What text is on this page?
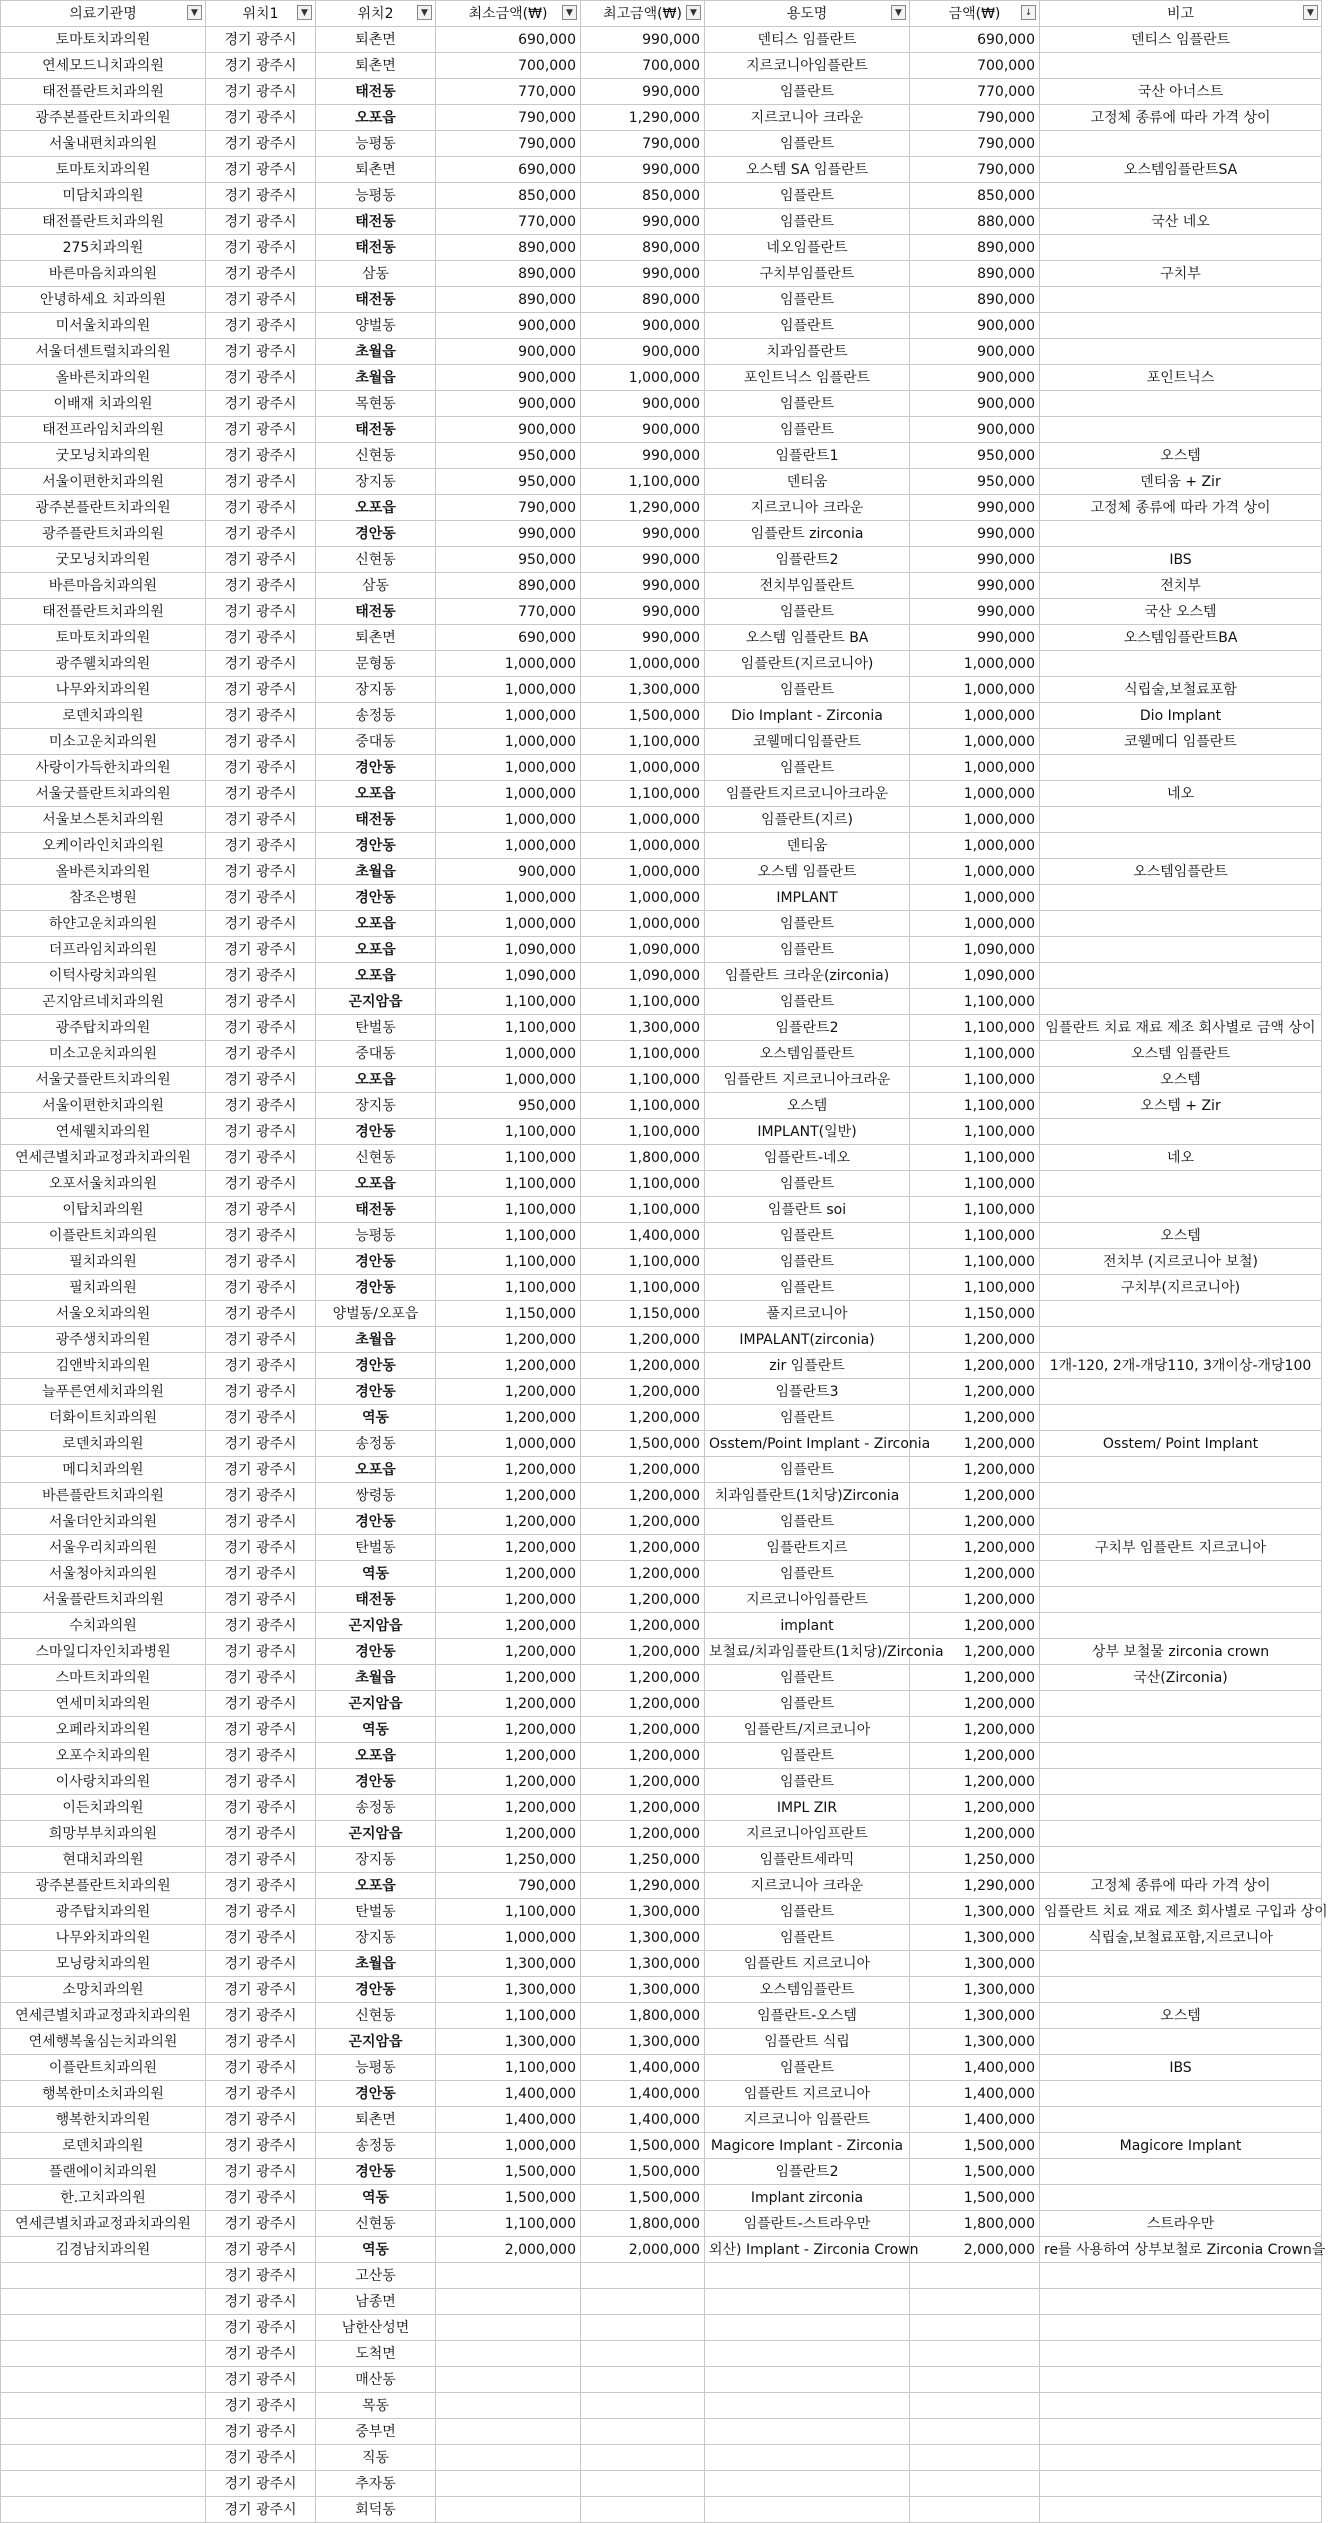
의료기관명 ▼	위치1 ▼	위치2 ▼	최소금액(₩) ▼	최고금액(₩) ▼	용도명 ▼	금액(₩) ↓	비고 ▼

토마토치과의원	경기 광주시	퇴촌면	690,000	990,000	덴티스 임플란트	690,000	덴티스 임플란트
연세모드니치과의원	경기 광주시	퇴촌면	700,000	700,000	지르코니아임플란트	700,000	
태전플란트치과의원	경기 광주시	태전동	770,000	990,000	임플란트	770,000	국산 아너스트
광주본플란트치과의원	경기 광주시	오포읍	790,000	1,290,000	지르코니아 크라운	790,000	고정체 종류에 따라 가격 상이
서울내편치과의원	경기 광주시	능평동	790,000	790,000	임플란트	790,000	
토마토치과의원	경기 광주시	퇴촌면	690,000	990,000	오스템 SA 임플란트	790,000	오스템임플란트SA
미담치과의원	경기 광주시	능평동	850,000	850,000	임플란트	850,000	
태전플란트치과의원	경기 광주시	태전동	770,000	990,000	임플란트	880,000	국산 네오
275치과의원	경기 광주시	태전동	890,000	890,000	네오임플란트	890,000	
바른마음치과의원	경기 광주시	삼동	890,000	990,000	구치부임플란트	890,000	구치부
안녕하세요 치과의원	경기 광주시	태전동	890,000	890,000	임플란트	890,000	
미서울치과의원	경기 광주시	양벌동	900,000	900,000	임플란트	900,000	
서울더센트럴치과의원	경기 광주시	초월읍	900,000	900,000	치과임플란트	900,000	
올바른치과의원	경기 광주시	초월읍	900,000	1,000,000	포인트닉스 임플란트	900,000	포인트닉스
이배재 치과의원	경기 광주시	목현동	900,000	900,000	임플란트	900,000	
태전프라임치과의원	경기 광주시	태전동	900,000	900,000	임플란트	900,000	
굿모닝치과의원	경기 광주시	신현동	950,000	990,000	임플란트1	950,000	오스템
서울이편한치과의원	경기 광주시	장지동	950,000	1,100,000	덴티움	950,000	덴티움 + Zir
광주본플란트치과의원	경기 광주시	오포읍	790,000	1,290,000	지르코니아 크라운	990,000	고정체 종류에 따라 가격 상이
광주플란트치과의원	경기 광주시	경안동	990,000	990,000	임플란트 zirconia	990,000	
굿모닝치과의원	경기 광주시	신현동	950,000	990,000	임플란트2	990,000	IBS
바른마음치과의원	경기 광주시	삼동	890,000	990,000	전치부임플란트	990,000	전치부
태전플란트치과의원	경기 광주시	태전동	770,000	990,000	임플란트	990,000	국산 오스템
토마토치과의원	경기 광주시	퇴촌면	690,000	990,000	오스템 임플란트 BA	990,000	오스템임플란트BA
광주웰치과의원	경기 광주시	문형동	1,000,000	1,000,000	임플란트(지르코니아)	1,000,000	
나무와치과의원	경기 광주시	장지동	1,000,000	1,300,000	임플란트	1,000,000	식립술,보철료포함
로덴치과의원	경기 광주시	송정동	1,000,000	1,500,000	Dio Implant - Zirconia	1,000,000	Dio Implant
미소고운치과의원	경기 광주시	중대동	1,000,000	1,100,000	코웰메디임플란트	1,000,000	코웰메디 임플란트
사랑이가득한치과의원	경기 광주시	경안동	1,000,000	1,000,000	임플란트	1,000,000	
서울굿플란트치과의원	경기 광주시	오포읍	1,000,000	1,100,000	임플란트지르코니아크라운	1,000,000	네오
서울보스톤치과의원	경기 광주시	태전동	1,000,000	1,000,000	임플란트(지르)	1,000,000	
오케이라인치과의원	경기 광주시	경안동	1,000,000	1,000,000	덴티움	1,000,000	
올바른치과의원	경기 광주시	초월읍	900,000	1,000,000	오스템 임플란트	1,000,000	오스템임플란트
참조은병원	경기 광주시	경안동	1,000,000	1,000,000	IMPLANT	1,000,000	
하얀고운치과의원	경기 광주시	오포읍	1,000,000	1,000,000	임플란트	1,000,000	
더프라임치과의원	경기 광주시	오포읍	1,090,000	1,090,000	임플란트	1,090,000	
이턱사랑치과의원	경기 광주시	오포읍	1,090,000	1,090,000	임플란트 크라운(zirconia)	1,090,000	
곤지암르네치과의원	경기 광주시	곤지암읍	1,100,000	1,100,000	임플란트	1,100,000	
광주탑치과의원	경기 광주시	탄벌동	1,100,000	1,300,000	임플란트2	1,100,000	임플란트 치료 재료 제조 회사별로 금액 상이
미소고운치과의원	경기 광주시	중대동	1,000,000	1,100,000	오스템임플란트	1,100,000	오스템 임플란트
서울굿플란트치과의원	경기 광주시	오포읍	1,000,000	1,100,000	임플란트 지르코니아크라운	1,100,000	오스템
서울이편한치과의원	경기 광주시	장지동	950,000	1,100,000	오스템	1,100,000	오스템 + Zir
연세웰치과의원	경기 광주시	경안동	1,100,000	1,100,000	IMPLANT(일반)	1,100,000	
연세큰별치과교정과치과의원	경기 광주시	신현동	1,100,000	1,800,000	임플란트-네오	1,100,000	네오
오포서울치과의원	경기 광주시	오포읍	1,100,000	1,100,000	임플란트	1,100,000	
이탑치과의원	경기 광주시	태전동	1,100,000	1,100,000	임플란트 soi	1,100,000	
이플란트치과의원	경기 광주시	능평동	1,100,000	1,400,000	임플란트	1,100,000	오스템
필치과의원	경기 광주시	경안동	1,100,000	1,100,000	임플란트	1,100,000	전치부 (지르코니아 보철)
필치과의원	경기 광주시	경안동	1,100,000	1,100,000	임플란트	1,100,000	구치부(지르코니아)
서울오치과의원	경기 광주시	양벌동/오포읍	1,150,000	1,150,000	풀지르코니아	1,150,000	
광주생치과의원	경기 광주시	초월읍	1,200,000	1,200,000	IMPALANT(zirconia)	1,200,000	
김앤박치과의원	경기 광주시	경안동	1,200,000	1,200,000	zir 임플란트	1,200,000	1개-120, 2개-개당110, 3개이상-개당100
늘푸른연세치과의원	경기 광주시	경안동	1,200,000	1,200,000	임플란트3	1,200,000	
더화이트치과의원	경기 광주시	역동	1,200,000	1,200,000	임플란트	1,200,000	
로덴치과의원	경기 광주시	송정동	1,000,000	1,500,000	Osstem/Point Implant - Zirconia	1,200,000	Osstem/ Point Implant
메디치과의원	경기 광주시	오포읍	1,200,000	1,200,000	임플란트	1,200,000	
바른플란트치과의원	경기 광주시	쌍령동	1,200,000	1,200,000	치과임플란트(1치당)Zirconia	1,200,000	
서울더안치과의원	경기 광주시	경안동	1,200,000	1,200,000	임플란트	1,200,000	
서울우리치과의원	경기 광주시	탄벌동	1,200,000	1,200,000	임플란트지르	1,200,000	구치부 임플란트 지르코니아
서울청아치과의원	경기 광주시	역동	1,200,000	1,200,000	임플란트	1,200,000	
서울플란트치과의원	경기 광주시	태전동	1,200,000	1,200,000	지르코니아임플란트	1,200,000	
수치과의원	경기 광주시	곤지암읍	1,200,000	1,200,000	implant	1,200,000	
스마일디자인치과병원	경기 광주시	경안동	1,200,000	1,200,000	보철료/치과임플란트(1치당)/Zirconia	1,200,000	상부 보철물 zirconia crown
스마트치과의원	경기 광주시	초월읍	1,200,000	1,200,000	임플란트	1,200,000	국산(Zirconia)
연세미치과의원	경기 광주시	곤지암읍	1,200,000	1,200,000	임플란트	1,200,000	
오페라치과의원	경기 광주시	역동	1,200,000	1,200,000	임플란트/지르코니아	1,200,000	
오포수치과의원	경기 광주시	오포읍	1,200,000	1,200,000	임플란트	1,200,000	
이사랑치과의원	경기 광주시	경안동	1,200,000	1,200,000	임플란트	1,200,000	
이든치과의원	경기 광주시	송정동	1,200,000	1,200,000	IMPL ZIR	1,200,000	
희망부부치과의원	경기 광주시	곤지암읍	1,200,000	1,200,000	지르코니아임프란트	1,200,000	
현대치과의원	경기 광주시	장지동	1,250,000	1,250,000	임플란트세라믹	1,250,000	
광주본플란트치과의원	경기 광주시	오포읍	790,000	1,290,000	지르코니아 크라운	1,290,000	고정체 종류에 따라 가격 상이
광주탑치과의원	경기 광주시	탄벌동	1,100,000	1,300,000	임플란트	1,300,000	임플란트 치료 재료 제조 회사별로 구입과 상이
나무와치과의원	경기 광주시	장지동	1,000,000	1,300,000	임플란트	1,300,000	식립술,보철료포함,지르코니아
모닝랑치과의원	경기 광주시	초월읍	1,300,000	1,300,000	임플란트 지르코니아	1,300,000	
소망치과의원	경기 광주시	경안동	1,300,000	1,300,000	오스템임플란트	1,300,000	
연세큰별치과교정과치과의원	경기 광주시	신현동	1,100,000	1,800,000	임플란트-오스템	1,300,000	오스템
연세행복울심는치과의원	경기 광주시	곤지암읍	1,300,000	1,300,000	임플란트 식립	1,300,000	
이플란트치과의원	경기 광주시	능평동	1,100,000	1,400,000	임플란트	1,400,000	IBS
행복한미소치과의원	경기 광주시	경안동	1,400,000	1,400,000	임플란트 지르코니아	1,400,000	
행복한치과의원	경기 광주시	퇴촌면	1,400,000	1,400,000	지르코니아 임플란트	1,400,000	
로덴치과의원	경기 광주시	송정동	1,000,000	1,500,000	Magicore Implant - Zirconia	1,500,000	Magicore Implant
플랜에이치과의원	경기 광주시	경안동	1,500,000	1,500,000	임플란트2	1,500,000	
한.고치과의원	경기 광주시	역동	1,500,000	1,500,000	Implant zirconia	1,500,000	
연세큰별치과교정과치과의원	경기 광주시	신현동	1,100,000	1,800,000	임플란트-스트라우만	1,800,000	스트라우만
김경남치과의원	경기 광주시	역동	2,000,000	2,000,000	외산) Implant - Zirconia Crown	2,000,000	re를 사용하여 상부보철로 Zirconia Crown을
	경기 광주시	고산동					
	경기 광주시	남종면					
	경기 광주시	남한산성면					
	경기 광주시	도척면					
	경기 광주시	매산동					
	경기 광주시	목동					
	경기 광주시	중부면					
	경기 광주시	직동					
	경기 광주시	추자동					
	경기 광주시	회덕동					
